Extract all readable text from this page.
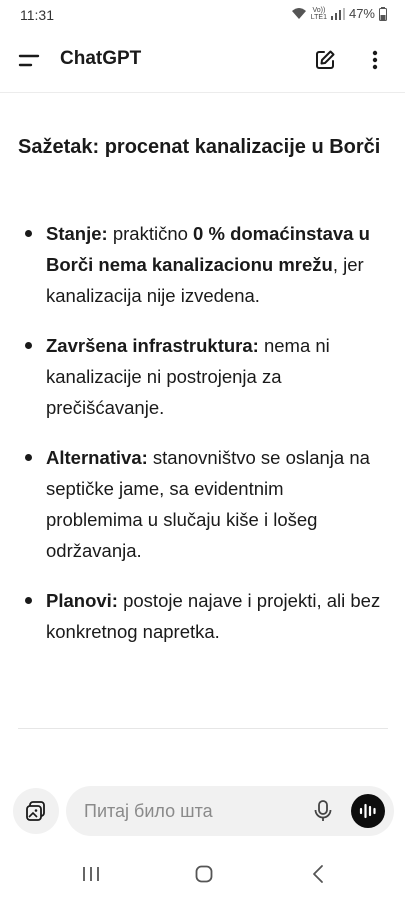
11:31	Vo))
LTE1 47%
ChatGPT
Sažetak: procenat kanalizacije u Borči
Stanje: praktično 0 % domaćinstava u Borči nema kanalizacionu mrežu, jer kanalizacija nije izvedena.
Završena infrastruktura: nema ni kanalizacije ni postrojenja za prečišćavanje.
Alternativa: stanovništvo se oslanja na septičke jame, sa evidentnim problemima u slučaju kiše i lošeg održavanja.
Planovi: postoje najave i projekti, ali bez konkretnog napretka.
Питај било шта
